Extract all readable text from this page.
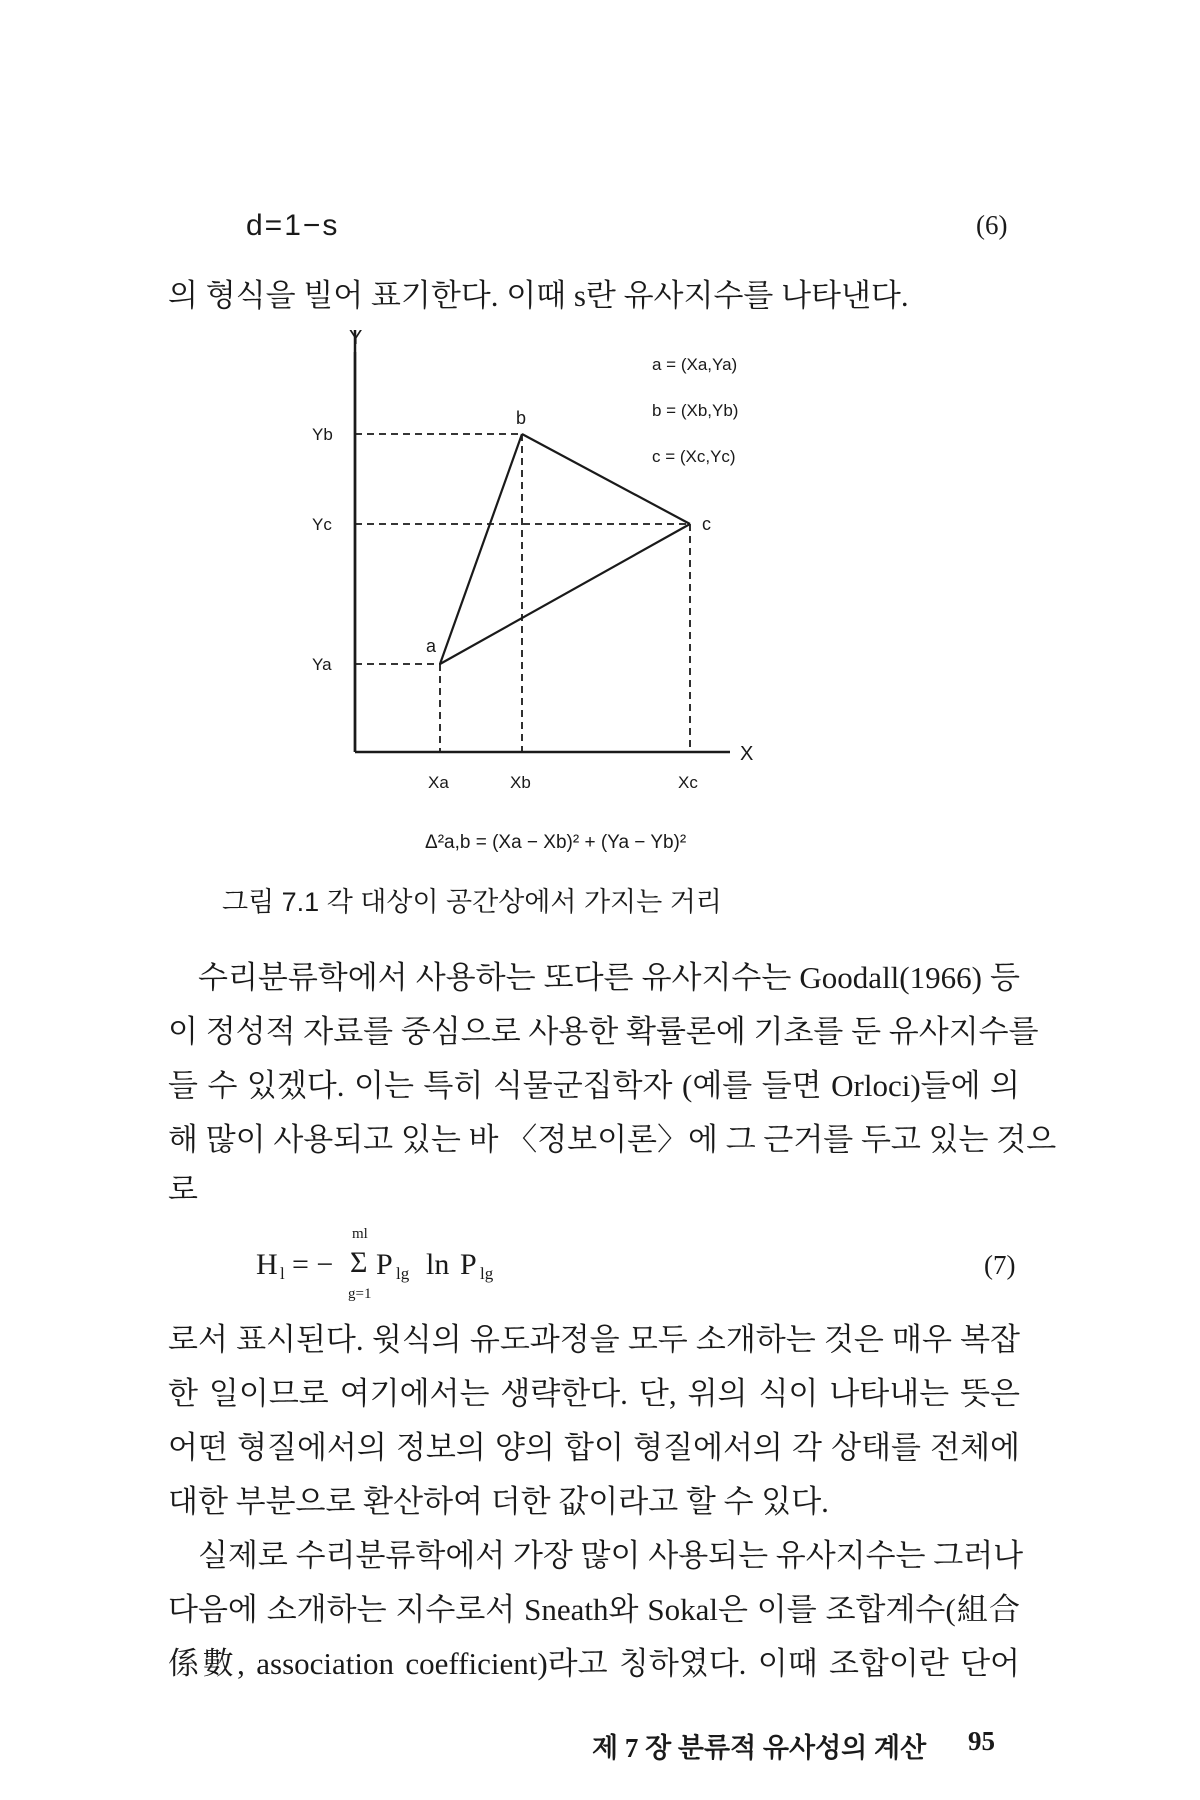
d=1−s	(6)
의 형식을 빌어 표기한다. 이때 s란 유사지수를 나타낸다.
Y
X
Yb
Yc
Ya
Xa	Xb	Xc
a
b
c
a = (Xa,Ya)
b = (Xb,Yb)
c = (Xc,Yc)
Δ²a,b = (Xa − Xb)² + (Ya − Yb)²
그림 7.1 각 대상이 공간상에서 가지는 거리
수리분류학에서 사용하는 또다른 유사지수는 Goodall(1966) 등
이 정성적 자료를 중심으로 사용한 확률론에 기초를 둔 유사지수를
들 수 있겠다. 이는 특히 식물군집학자 (예를 들면 Orloci)들에 의
해 많이 사용되고 있는 바 〈정보이론〉에 그 근거를 두고 있는 것으
로
H l = −
ml
Σ
g=1
P lg ln P lg	(7)
로서 표시된다. 윗식의 유도과정을 모두 소개하는 것은 매우 복잡
한 일이므로 여기에서는 생략한다. 단, 위의 식이 나타내는 뜻은
어떤 형질에서의 정보의 양의 합이 형질에서의 각 상태를 전체에
대한 부분으로 환산하여 더한 값이라고 할 수 있다.
실제로 수리분류학에서 가장 많이 사용되는 유사지수는 그러나
다음에 소개하는 지수로서 Sneath와 Sokal은 이를 조합계수(組合
係數, association coefficient)라고 칭하였다. 이때 조합이란 단어
제 7 장 분류적 유사성의 계산 95
